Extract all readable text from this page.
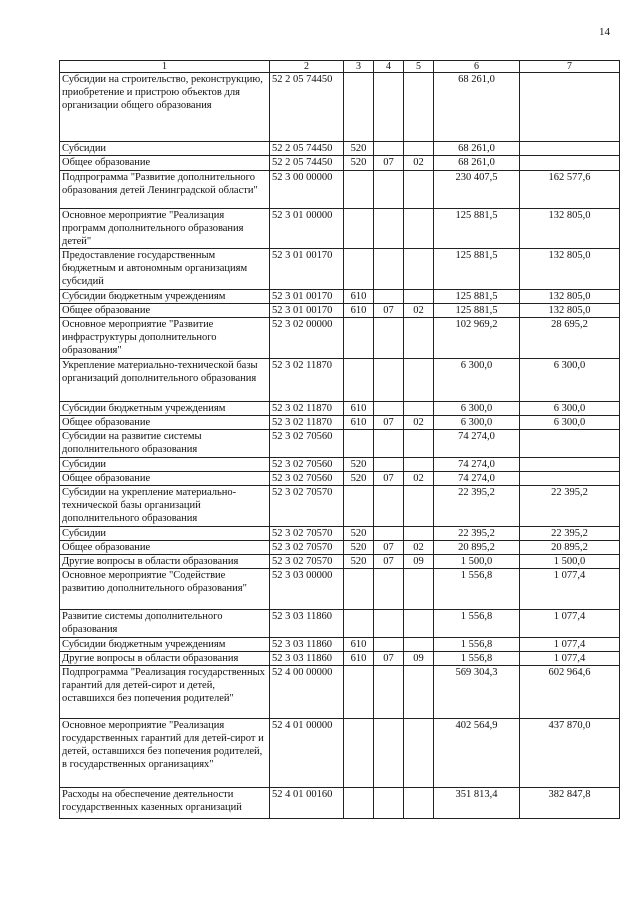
14
1	2	3	4	5	6	7
Субсидии на строительство, реконструкцию, приобретение и пристрою объектов для организации общего образования	52 2 05 74450				68 261,0	
Субсидии	52 2 05 74450	520			68 261,0	
Общее образование	52 2 05 74450	520	07	02	68 261,0	
Подпрограмма "Развитие дополнительного образования детей Ленинградской области"	52 3 00 00000				230 407,5	162 577,6
Основное мероприятие "Реализация программ дополнительного образования детей"	52 3 01 00000				125 881,5	132 805,0
Предоставление государственным бюджетным и автономным организациям субсидий	52 3 01 00170				125 881,5	132 805,0
Субсидии бюджетным учреждениям	52 3 01 00170	610			125 881,5	132 805,0
Общее образование	52 3 01 00170	610	07	02	125 881,5	132 805,0
Основное мероприятие "Развитие инфраструктуры дополнительного образования"	52 3 02 00000				102 969,2	28 695,2
Укрепление материально-технической базы организаций дополнительного образования	52 3 02 11870				6 300,0	6 300,0
Субсидии бюджетным учреждениям	52 3 02 11870	610			6 300,0	6 300,0
Общее образование	52 3 02 11870	610	07	02	6 300,0	6 300,0
Субсидии на развитие системы дополнительного образования	52 3 02 70560				74 274,0	
Субсидии	52 3 02 70560	520			74 274,0	
Общее образование	52 3 02 70560	520	07	02	74 274,0	
Субсидии на укрепление материально-технической базы организаций дополнительного образования	52 3 02 70570				22 395,2	22 395,2
Субсидии	52 3 02 70570	520			22 395,2	22 395,2
Общее образование	52 3 02 70570	520	07	02	20 895,2	20 895,2
Другие вопросы в области образования	52 3 02 70570	520	07	09	1 500,0	1 500,0
Основное мероприятие "Содействие развитию дополнительного образования"	52 3 03 00000				1 556,8	1 077,4
Развитие системы дополнительного образования	52 3 03 11860				1 556,8	1 077,4
Субсидии бюджетным учреждениям	52 3 03 11860	610			1 556,8	1 077,4
Другие вопросы в области образования	52 3 03 11860	610	07	09	1 556,8	1 077,4
Подпрограмма "Реализация государственных гарантий для детей-сирот и детей, оставшихся без попечения родителей"	52 4 00 00000				569 304,3	602 964,6
Основное мероприятие "Реализация государственных гарантий для детей-сирот и детей, оставшихся без попечения родителей, в государственных организациях"	52 4 01 00000				402 564,9	437 870,0
Расходы на обеспечение деятельности государственных казенных организаций	52 4 01 00160				351 813,4	382 847,8
